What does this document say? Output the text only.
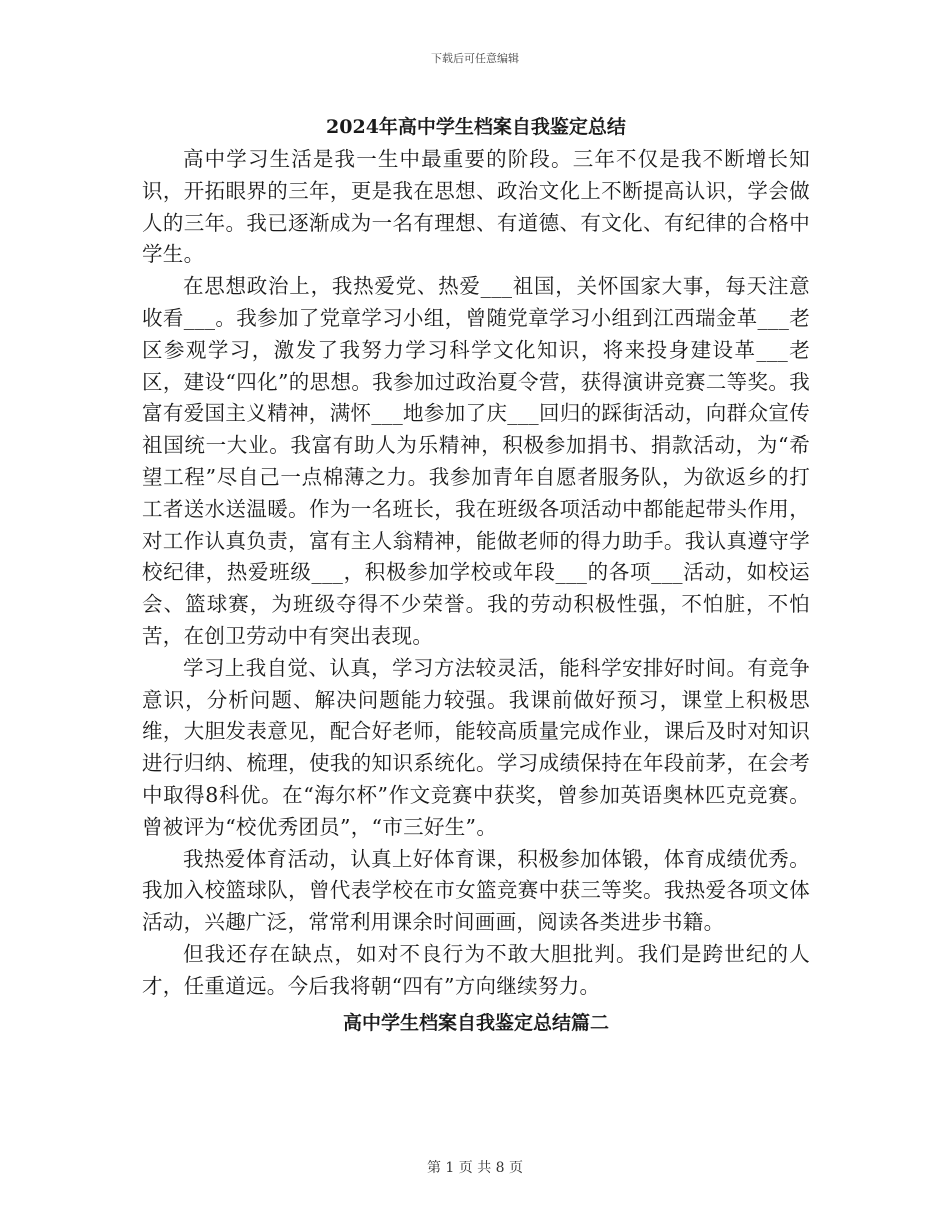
下载后可任意编辑
2024年高中学生档案自我鉴定总结

高中学习生活是我一生中最重要的阶段。三年不仅是我不断增长知识，开拓眼界的三年，更是我在思想、政治文化上不断提高认识，学会做人的三年。我已逐渐成为一名有理想、有道德、有文化、有纪律的合格中学生。

在思想政治上，我热爱党、热爱___祖国，关怀国家大事，每天注意收看___。我参加了党章学习小组，曾随党章学习小组到江西瑞金革___老区参观学习，激发了我努力学习科学文化知识，将来投身建设革___老区，建设“四化”的思想。我参加过政治夏令营，获得演讲竞赛二等奖。我富有爱国主义精神，满怀___地参加了庆___回归的踩街活动，向群众宣传祖国统一大业。我富有助人为乐精神，积极参加捐书、捐款活动，为“希望工程”尽自己一点棉薄之力。我参加青年自愿者服务队，为欲返乡的打工者送水送温暖。作为一名班长，我在班级各项活动中都能起带头作用，对工作认真负责，富有主人翁精神，能做老师的得力助手。我认真遵守学校纪律，热爱班级___，积极参加学校或年段___的各项___活动，如校运会、篮球赛，为班级夺得不少荣誉。我的劳动积极性强，不怕脏，不怕苦，在创卫劳动中有突出表现。

学习上我自觉、认真，学习方法较灵活，能科学安排好时间。有竞争意识，分析问题、解决问题能力较强。我课前做好预习，课堂上积极思维，大胆发表意见，配合好老师，能较高质量完成作业，课后及时对知识进行归纳、梳理，使我的知识系统化。学习成绩保持在年段前茅，在会考中取得8科优。在“海尔杯”作文竞赛中获奖，曾参加英语奥林匹克竞赛。曾被评为“校优秀团员”，“市三好生”。

我热爱体育活动，认真上好体育课，积极参加体锻，体育成绩优秀。我加入校篮球队，曾代表学校在市女篮竞赛中获三等奖。我热爱各项文体活动，兴趣广泛，常常利用课余时间画画，阅读各类进步书籍。

但我还存在缺点，如对不良行为不敢大胆批判。我们是跨世纪的人才，任重道远。今后我将朝“四有”方向继续努力。

高中学生档案自我鉴定总结篇二
第 1 页 共 8 页
